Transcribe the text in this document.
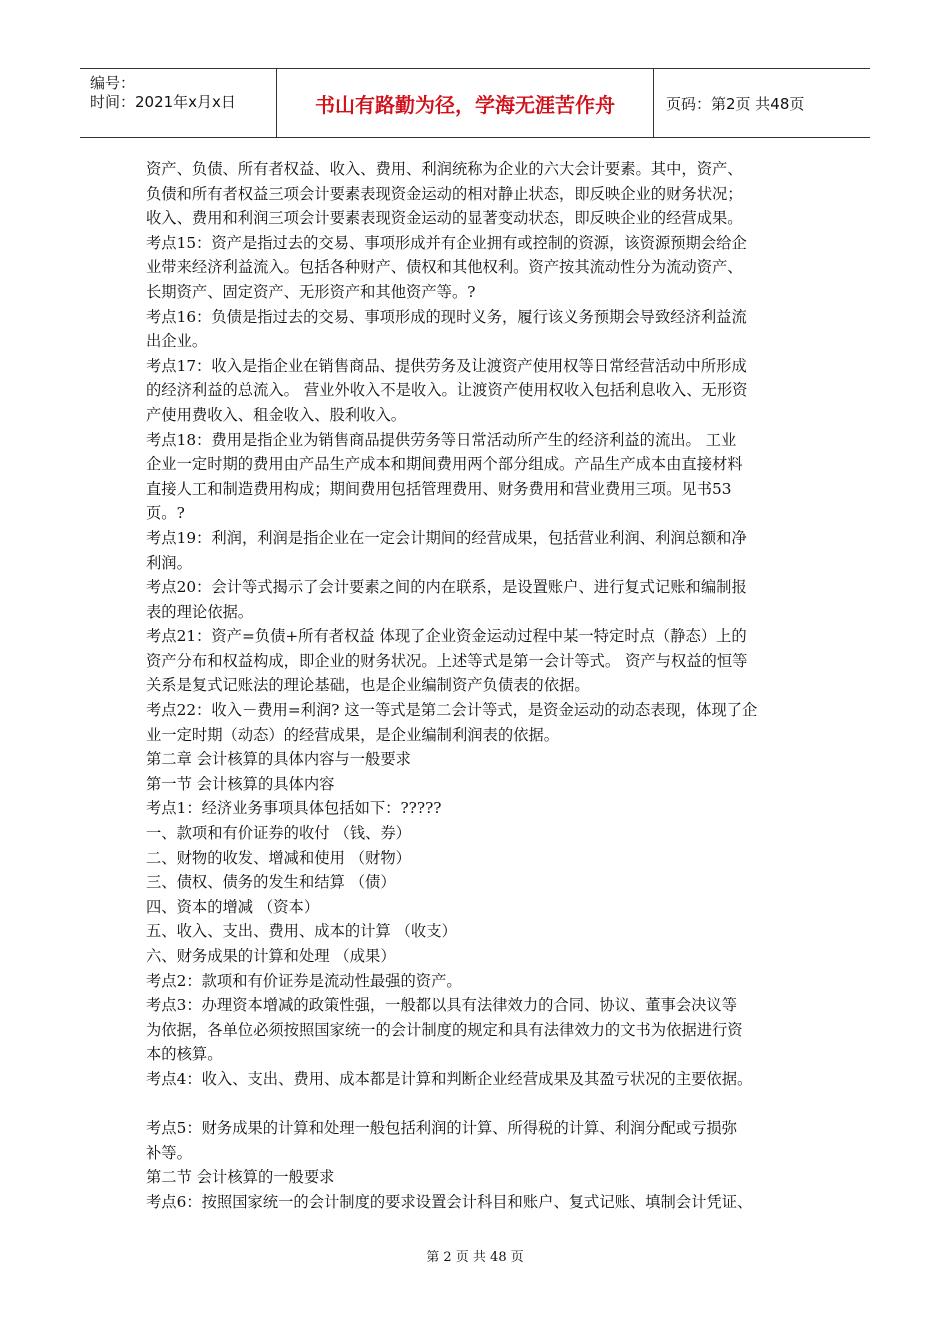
编号：
时间：2021年x月x日	书山有路勤为径，学海无涯苦作舟	页码：第2页 共48页
资产、负债、所有者权益、收入、费用、利润统称为企业的六大会计要素。其中，资产、
负债和所有者权益三项会计要素表现资金运动的相对静止状态，即反映企业的财务状况；
收入、费用和利润三项会计要素表现资金运动的显著变动状态，即反映企业的经营成果。
考点15：资产是指过去的交易、事项形成并有企业拥有或控制的资源，该资源预期会给企
业带来经济利益流入。包括各种财产、债权和其他权利。资产按其流动性分为流动资产、
长期资产、固定资产、无形资产和其他资产等。?
考点16：负债是指过去的交易、事项形成的现时义务，履行该义务预期会导致经济利益流
出企业。
考点17：收入是指企业在销售商品、提供劳务及让渡资产使用权等日常经营活动中所形成
的经济利益的总流入。 营业外收入不是收入。让渡资产使用权收入包括利息收入、无形资
产使用费收入、租金收入、股利收入。
考点18：费用是指企业为销售商品提供劳务等日常活动所产生的经济利益的流出。 工业
企业一定时期的费用由产品生产成本和期间费用两个部分组成。产品生产成本由直接材料
直接人工和制造费用构成；期间费用包括管理费用、财务费用和营业费用三项。见书53
页。?
考点19：利润，利润是指企业在一定会计期间的经营成果，包括营业利润、利润总额和净
利润。
考点20：会计等式揭示了会计要素之间的内在联系，是设置账户、进行复式记账和编制报
表的理论依据。
考点21：资产=负债+所有者权益 体现了企业资金运动过程中某一特定时点（静态）上的
资产分布和权益构成，即企业的财务状况。上述等式是第一会计等式。 资产与权益的恒等
关系是复式记账法的理论基础，也是企业编制资产负债表的依据。
考点22：收入－费用=利润? 这一等式是第二会计等式，是资金运动的动态表现，体现了企
业一定时期（动态）的经营成果，是企业编制利润表的依据。
第二章 会计核算的具体内容与一般要求
第一节 会计核算的具体内容
考点1：经济业务事项具体包括如下：?????
一、款项和有价证券的收付 （钱、券）
二、财物的收发、增减和使用 （财物）
三、债权、债务的发生和结算 （债）
四、资本的增减 （资本）
五、收入、支出、费用、成本的计算 （收支）
六、财务成果的计算和处理 （成果）
考点2：款项和有价证券是流动性最强的资产。
考点3：办理资本增减的政策性强，一般都以具有法律效力的合同、协议、董事会决议等
为依据，各单位必须按照国家统一的会计制度的规定和具有法律效力的文书为依据进行资
本的核算。
考点4：收入、支出、费用、成本都是计算和判断企业经营成果及其盈亏状况的主要依据。
考点5：财务成果的计算和处理一般包括利润的计算、所得税的计算、利润分配或亏损弥
补等。
第二节 会计核算的一般要求
考点6：按照国家统一的会计制度的要求设置会计科目和账户、复式记账、填制会计凭证、
第 2 页 共 48 页
